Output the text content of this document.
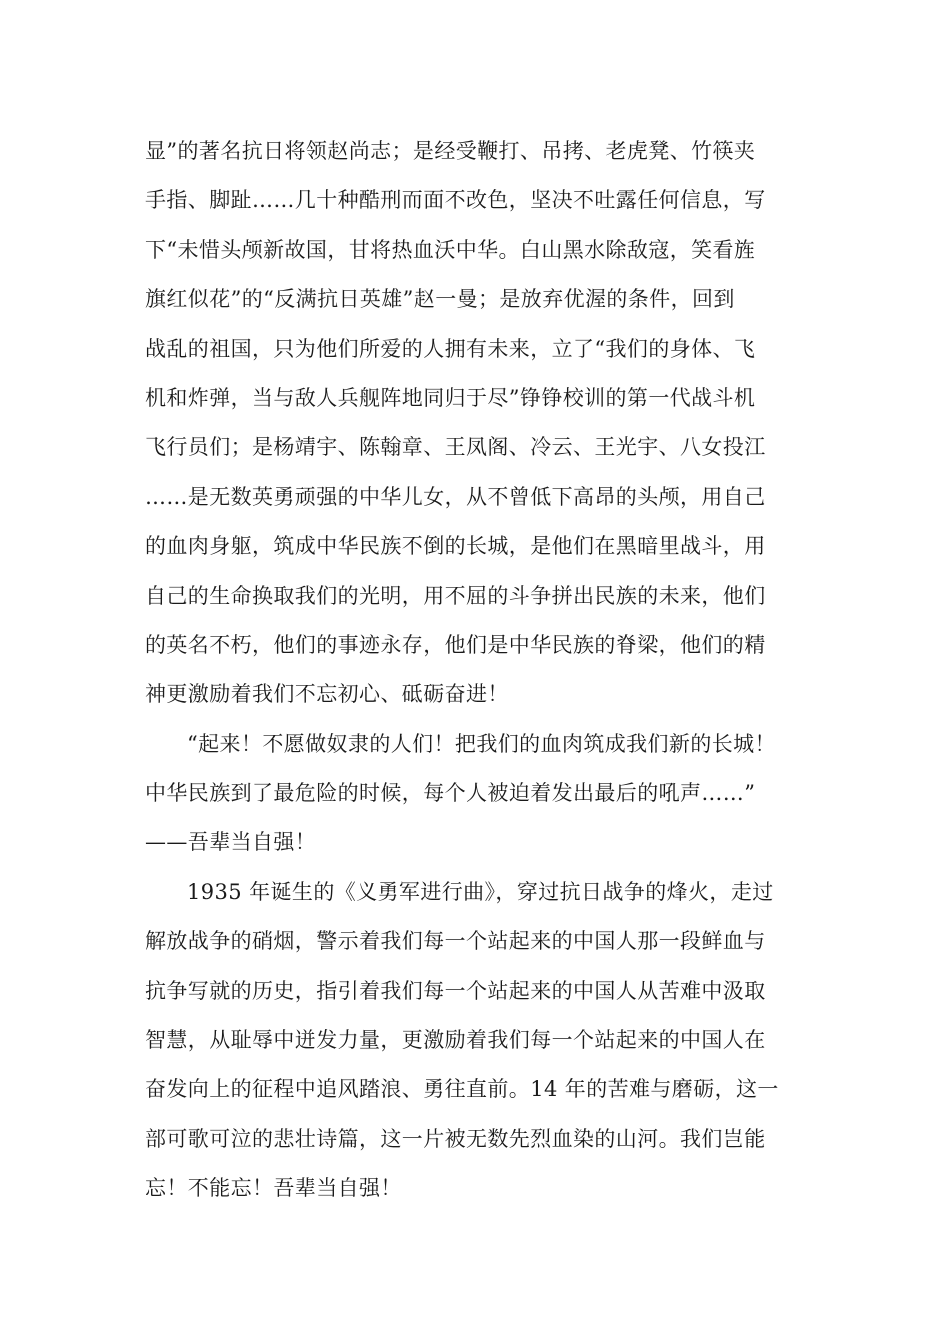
显”的著名抗日将领赵尚志；是经受鞭打、吊拷、老虎凳、竹筷夹
手指、脚趾……几十种酷刑而面不改色，坚决不吐露任何信息，写
下“未惜头颅新故国，甘将热血沃中华。白山黑水除敌寇，笑看旌
旗红似花”的“反满抗日英雄”赵一曼；是放弃优渥的条件，回到
战乱的祖国，只为他们所爱的人拥有未来，立了“我们的身体、飞
机和炸弹，当与敌人兵舰阵地同归于尽”铮铮校训的第一代战斗机
飞行员们；是杨靖宇、陈翰章、王凤阁、冷云、王光宇、八女投江
……是无数英勇顽强的中华儿女，从不曾低下高昂的头颅，用自己
的血肉身躯，筑成中华民族不倒的长城，是他们在黑暗里战斗，用
自己的生命换取我们的光明，用不屈的斗争拼出民族的未来，他们
的英名不朽，他们的事迹永存，他们是中华民族的脊梁，他们的精
神更激励着我们不忘初心、砥砺奋进！
“起来！不愿做奴隶的人们！把我们的血肉筑成我们新的长城！
中华民族到了最危险的时候，每个人被迫着发出最后的吼声……”
——吾辈当自强！
1935 年诞生的《义勇军进行曲》，穿过抗日战争的烽火，走过
解放战争的硝烟，警示着我们每一个站起来的中国人那一段鲜血与
抗争写就的历史，指引着我们每一个站起来的中国人从苦难中汲取
智慧，从耻辱中迸发力量，更激励着我们每一个站起来的中国人在
奋发向上的征程中追风踏浪、勇往直前。14 年的苦难与磨砺，这一
部可歌可泣的悲壮诗篇，这一片被无数先烈血染的山河。我们岂能
忘！不能忘！吾辈当自强！
